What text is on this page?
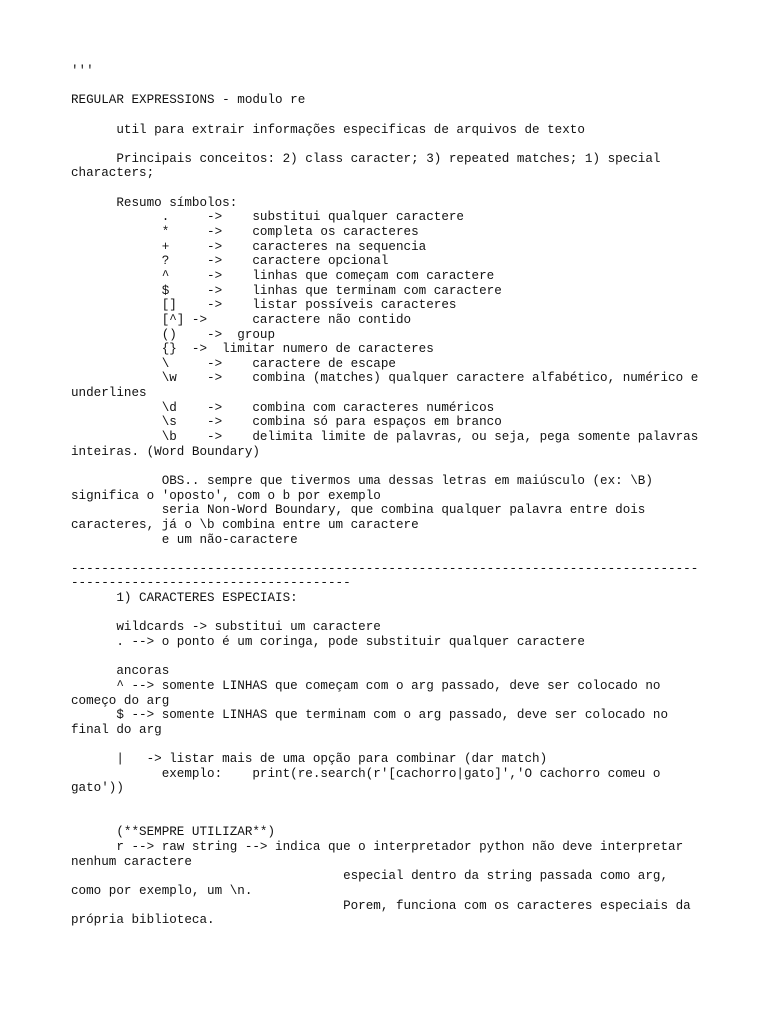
'''
REGULAR EXPRESSIONS - modulo re
util para extrair informações especificas de arquivos de texto
Principais conceitos: 2) class caracter; 3) repeated matches; 1) special
characters;
Resumo símbolos:
.     ->    substitui qualquer caractere
*     ->    completa os caracteres
+     ->    caracteres na sequencia
?     ->    caractere opcional
^     ->    linhas que começam com caractere
$     ->    linhas que terminam com caractere
[]    ->    listar possíveis caracteres
[^] ->      caractere não contido
()    ->  group
{}  ->  limitar numero de caracteres
\     ->    caractere de escape
\w    ->    combina (matches) qualquer caractere alfabético, numérico e
underlines
\d    ->    combina com caracteres numéricos
\s    ->    combina só para espaços em branco
\b    ->    delimita limite de palavras, ou seja, pega somente palavras
inteiras. (Word Boundary)
OBS.. sempre que tivermos uma dessas letras em maiúsculo (ex: \B)
significa o 'oposto', com o b por exemplo
seria Non-Word Boundary, que combina qualquer palavra entre dois
caracteres, já o \b combina entre um caractere
e um não-caractere
-----------------------------------------------------------------------------------
-------------------------------------
1) CARACTERES ESPECIAIS:
wildcards -> substitui um caractere
. --> o ponto é um coringa, pode substituir qualquer caractere
ancoras
^ --> somente LINHAS que começam com o arg passado, deve ser colocado no
começo do arg
$ --> somente LINHAS que terminam com o arg passado, deve ser colocado no
final do arg
|   -> listar mais de uma opção para combinar (dar match)
exemplo:    print(re.search(r'[cachorro|gato]','O cachorro comeu o
gato'))
(**SEMPRE UTILIZAR**)
r --> raw string --> indica que o interpretador python não deve interpretar
nenhum caractere
especial dentro da string passada como arg,
como por exemplo, um \n.
Porem, funciona com os caracteres especiais da
própria biblioteca.
